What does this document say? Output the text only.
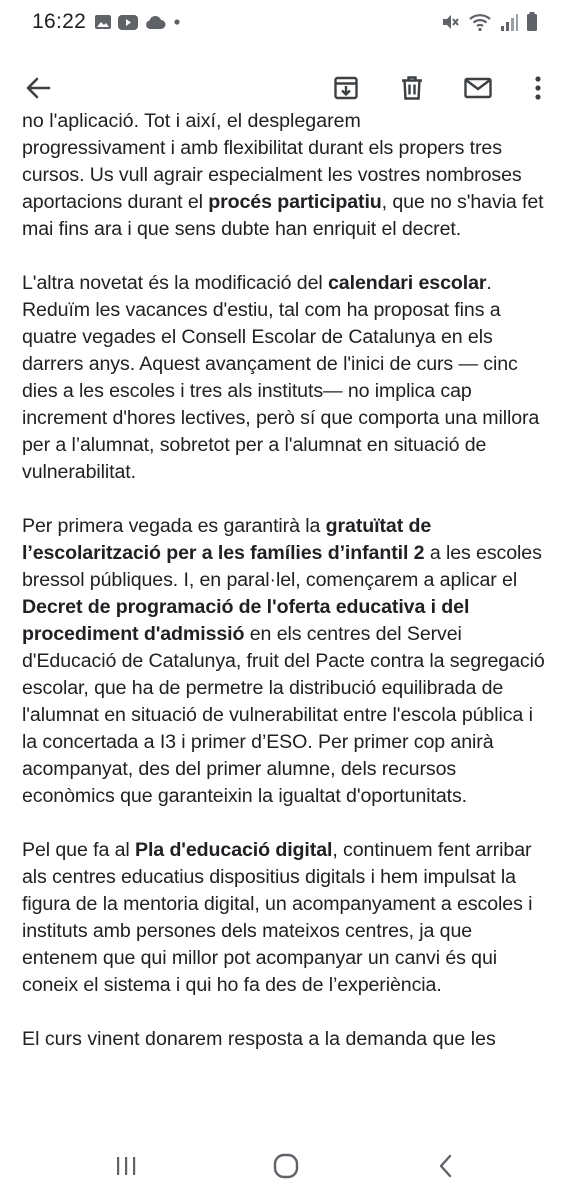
16:22

no l'aplicació. Tot i així, el desplegarem

progressivament i amb flexibilitat durant els propers tres cursos. Us vull agrair especialment les vostres nombroses aportacions durant el procés participatiu, que no s'havia fet mai fins ara i que sens dubte han enriquit el decret.

L'altra novetat és la modificació del calendari escolar. Reduïm les vacances d'estiu, tal com ha proposat fins a quatre vegades el Consell Escolar de Catalunya en els darrers anys. Aquest avançament de l'inici de curs — cinc dies a les escoles i tres als instituts— no implica cap increment d'hores lectives, però sí que comporta una millora per a l’alumnat, sobretot per a l'alumnat en situació de vulnerabilitat.

Per primera vegada es garantirà la gratuïtat de l’escolarització per a les famílies d’infantil 2 a les escoles bressol públiques. I, en paral·lel, començarem a aplicar el Decret de programació de l'oferta educativa i del procediment d'admissió en els centres del Servei d'Educació de Catalunya, fruit del Pacte contra la segregació escolar, que ha de permetre la distribució equilibrada de l'alumnat en situació de vulnerabilitat entre l'escola pública i la concertada a I3 i primer d’ESO. Per primer cop anirà acompanyat, des del primer alumne, dels recursos econòmics que garanteixin la igualtat d'oportunitats.

Pel que fa al Pla d'educació digital, continuem fent arribar als centres educatius dispositius digitals i hem impulsat la figura de la mentoria digital, un acompanyament a escoles i instituts amb persones dels mateixos centres, ja que entenem que qui millor pot acompanyar un canvi és qui coneix el sistema i qui ho fa des de l’experiència.

El curs vinent donarem resposta a la demanda que les
